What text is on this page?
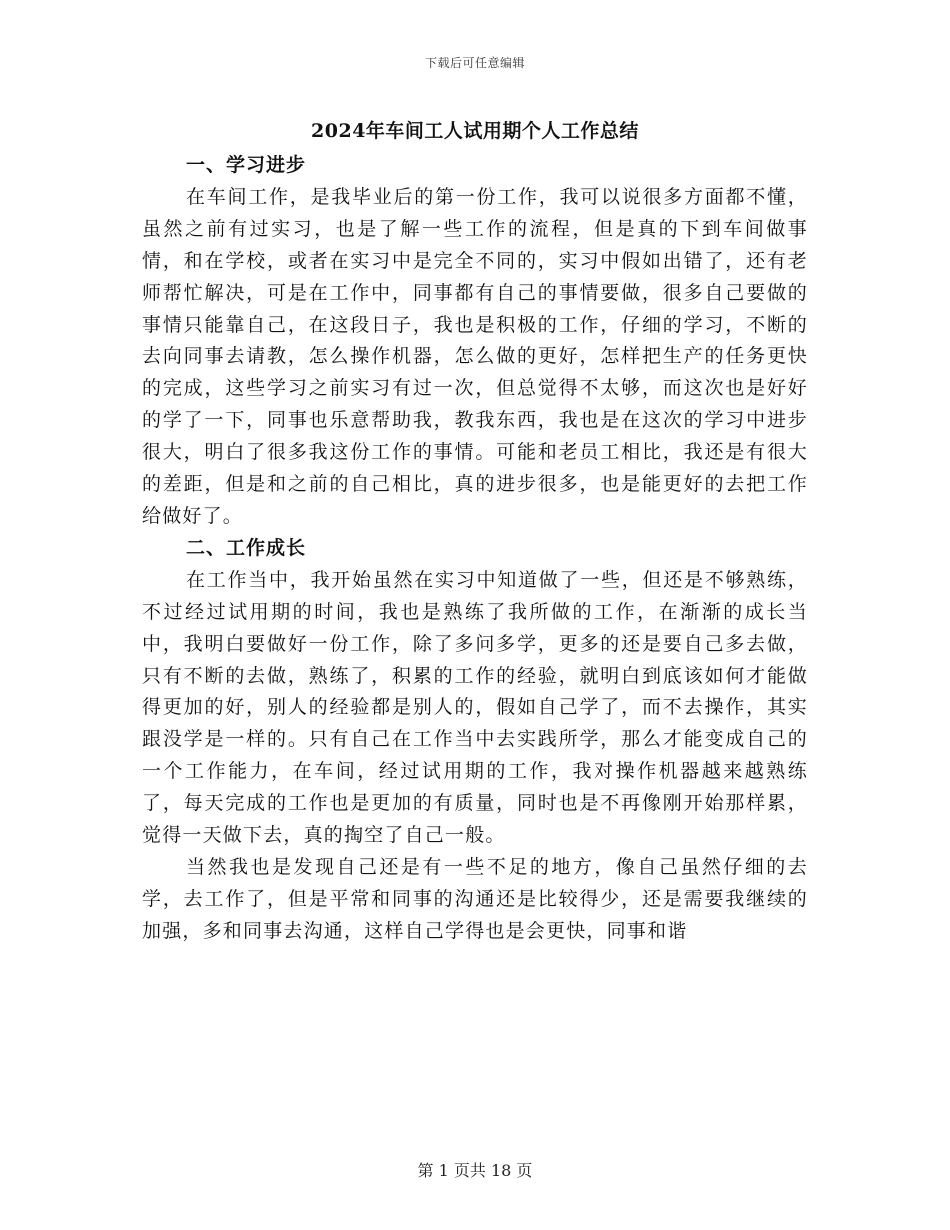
下载后可任意编辑
2024年车间工人试用期个人工作总结

一、学习进步

在车间工作，是我毕业后的第一份工作，我可以说很多方面都不懂，虽然之前有过实习，也是了解一些工作的流程，但是真的下到车间做事情，和在学校，或者在实习中是完全不同的，实习中假如出错了，还有老师帮忙解决，可是在工作中，同事都有自己的事情要做，很多自己要做的事情只能靠自己，在这段日子，我也是积极的工作，仔细的学习，不断的去向同事去请教，怎么操作机器，怎么做的更好，怎样把生产的任务更快的完成，这些学习之前实习有过一次，但总觉得不太够，而这次也是好好的学了一下，同事也乐意帮助我，教我东西，我也是在这次的学习中进步很大，明白了很多我这份工作的事情。可能和老员工相比，我还是有很大的差距，但是和之前的自己相比，真的进步很多，也是能更好的去把工作给做好了。

二、工作成长

在工作当中，我开始虽然在实习中知道做了一些，但还是不够熟练，不过经过试用期的时间，我也是熟练了我所做的工作，在渐渐的成长当中，我明白要做好一份工作，除了多问多学，更多的还是要自己多去做，只有不断的去做，熟练了，积累的工作的经验，就明白到底该如何才能做得更加的好，别人的经验都是别人的，假如自己学了，而不去操作，其实跟没学是一样的。只有自己在工作当中去实践所学，那么才能变成自己的一个工作能力，在车间，经过试用期的工作，我对操作机器越来越熟练了，每天完成的工作也是更加的有质量，同时也是不再像刚开始那样累，觉得一天做下去，真的掏空了自己一般。

当然我也是发现自己还是有一些不足的地方，像自己虽然仔细的去学，去工作了，但是平常和同事的沟通还是比较得少，还是需要我继续的加强，多和同事去沟通，这样自己学得也是会更快，同事和谐

第 1 页共 18 页
